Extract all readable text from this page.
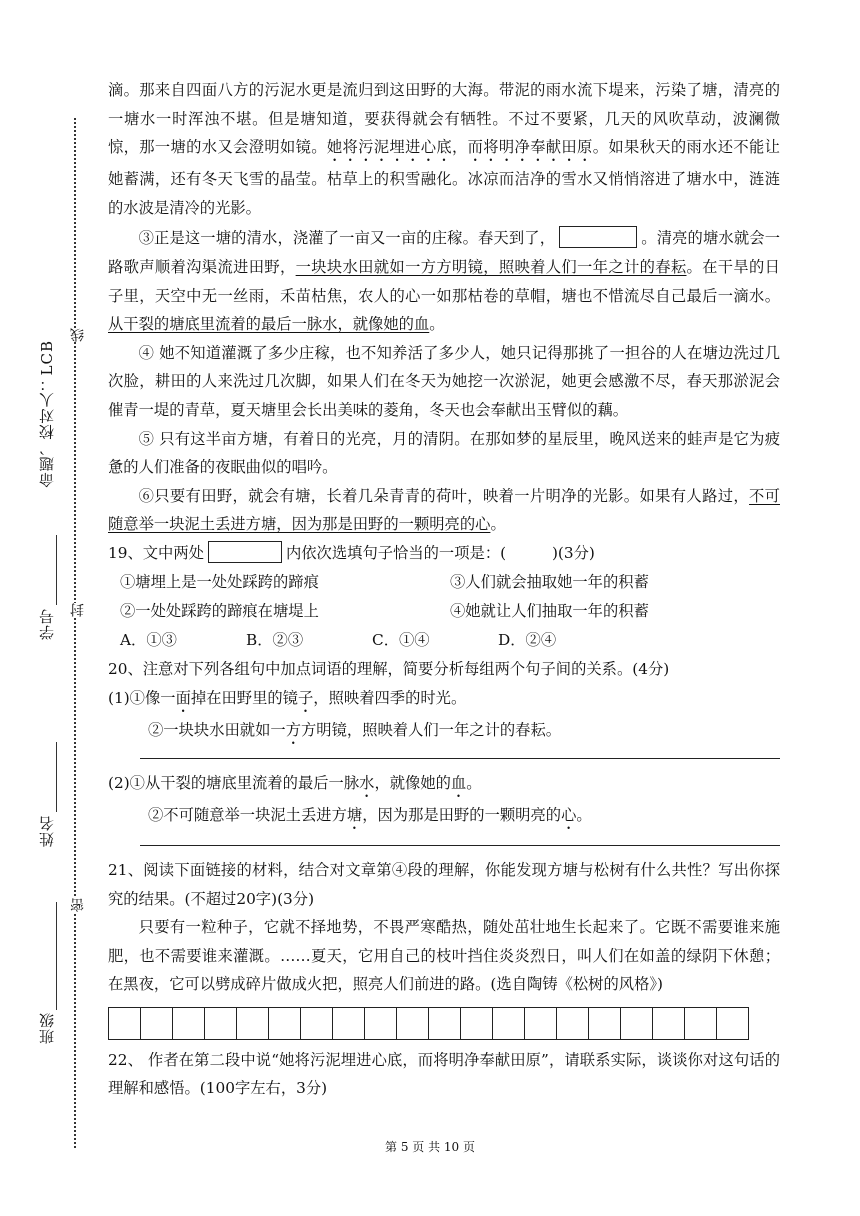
命题、校对人：LCB
线
学号 封
姓名
密
班级

滴。那来自四面八方的污泥水更是流归到这田野的大海。带泥的雨水流下堤来，污染了塘，清亮的一塘水一时浑浊不堪。但是塘知道，要获得就会有牺牲。不过不要紧，几天的风吹草动，波澜微惊，那一塘的水又会澄明如镜。她将污泥埋进心底，而将明净奉献田原。如果秋天的雨水还不能让她蓄满，还有冬天飞雪的晶莹。枯草上的积雪融化。冰凉而洁净的雪水又悄悄溶进了塘水中，涟涟的水波是清冷的光影。

③正是这一塘的清水，浇灌了一亩又一亩的庄稼。春天到了，	。清亮的塘水就会一路歌声顺着沟渠流进田野，一块块水田就如一方方明镜，照映着人们一年之计的春耘。在干旱的日子里，天空中无一丝雨，禾苗枯焦，农人的心一如那枯卷的草帽，塘也不惜流尽自己最后一滴水。从干裂的塘底里流着的最后一脉水，就像她的血。

④ 她不知道灌溉了多少庄稼，也不知养活了多少人，她只记得那挑了一担谷的人在塘边洗过几次脸，耕田的人来洗过几次脚，如果人们在冬天为她挖一次淤泥，她更会感激不尽，春天那淤泥会催青一堤的青草，夏天塘里会长出美味的菱角，冬天也会奉献出玉臂似的藕。

⑤ 只有这半亩方塘，有着日的光亮，月的清阴。在那如梦的星辰里，晚风送来的蛙声是它为疲惫的人们准备的夜眠曲似的唱吟。

⑥只要有田野，就会有塘，长着几朵青青的荷叶，映着一片明净的光影。如果有人路过，不可随意举一块泥土丢进方塘，因为那是田野的一颗明亮的心。

19、文中两处	内依次选填句子恰当的一项是：(　　　)(3分)

①塘埋上是一处处踩跨的蹄痕	③人们就会抽取她一年的积蓄
②一处处踩跨的蹄痕在塘堤上	④她就让人们抽取一年的积蓄
A．①③	B．②③	C．①④	D．②④

20、注意对下列各组句中加点词语的理解，简要分析每组两个句子间的关系。(4分)

(1)①像一面掉在田野里的镜子，照映着四季的时光。
②一块块水田就如一方方明镜，照映着人们一年之计的春耘。
(2)①从干裂的塘底里流着的最后一脉水，就像她的血。
②不可随意举一块泥土丢进方塘，因为那是田野的一颗明亮的心。

21、阅读下面链接的材料，结合对文章第④段的理解，你能发现方塘与松树有什么共性？写出你探究的结果。(不超过20字)(3分)

只要有一粒种子，它就不择地势，不畏严寒酷热，随处茁壮地生长起来了。它既不需要谁来施肥，也不需要谁来灌溉。……夏天，它用自己的枝叶挡住炎炎烈日，叫人们在如盖的绿阴下休憩；在黑夜，它可以劈成碎片做成火把，照亮人们前进的路。(选自陶铸《松树的风格》)

22、 作者在第二段中说“她将污泥埋进心底，而将明净奉献田原”，请联系实际，谈谈你对这句话的理解和感悟。(100字左右，3分)

第 5 页 共 10 页
